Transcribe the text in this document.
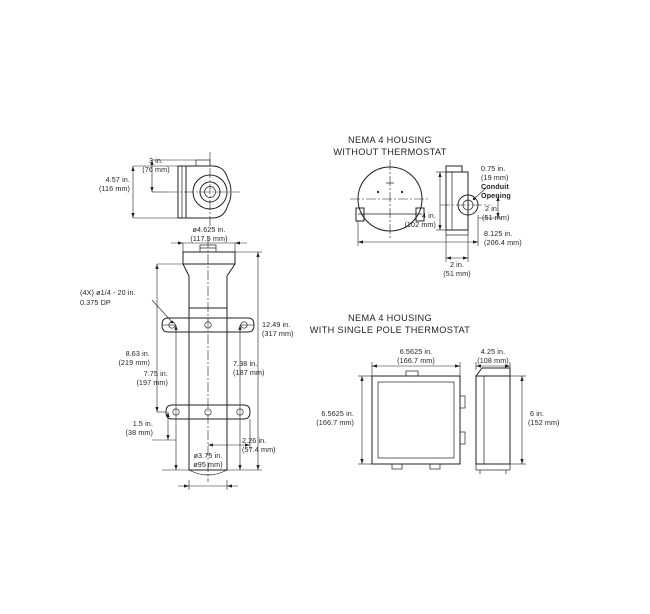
NEMA 4 HOUSING
WITHOUT THERMOSTAT
NEMA 4 HOUSING
WITH SINGLE POLE THERMOSTAT
3 in.
(76 mm)
4.57 in.
(116 mm)
ø4.625 in.
(117.5 mm)
(4X) ø1/4 - 20 in.
0.375 DP
8.63 in.
(219 mm)
7.75 in.
(197 mm)
1.5 in.
(38 mm)
12.49 in.
(317 mm)
7.38 in.
(187 mm)
2.26 in.
(57.4 mm)
ø3.75 in.
ø95 mm)
0.75 in.
(19 mm)
Conduit
Opening
4 in.
(102 mm)
2 in.
(51 mm)
8.125 in.
(206.4 mm)
2 in.
(51 mm)
6.5625 in.
(166.7 mm)
4.25 in.
(108 mm)
6.5625 in.
(166.7 mm)
6 in.
(152 mm)
